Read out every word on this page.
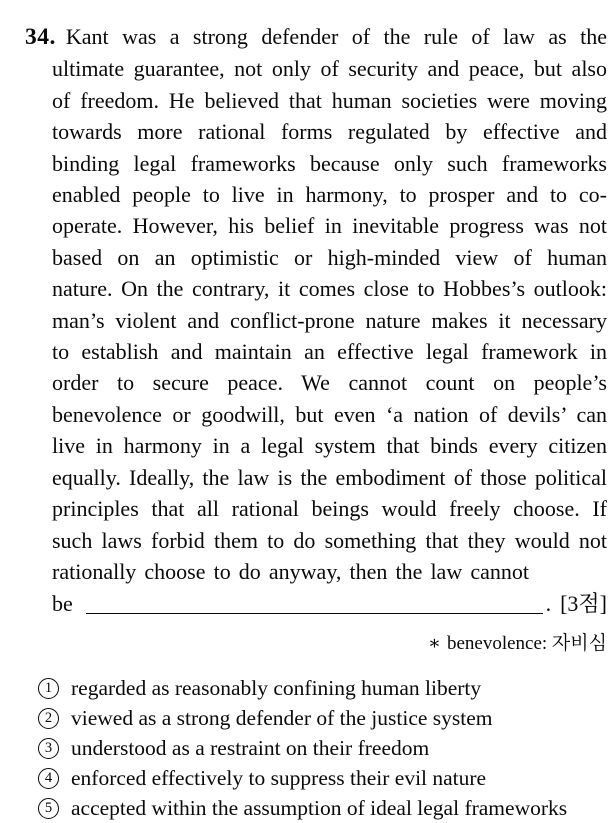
34. Kant was a strong defender of the rule of law as the ultimate guarantee, not only of security and peace, but also of freedom. He believed that human societies were moving towards more rational forms regulated by effective and binding legal frameworks because only such frameworks enabled people to live in harmony, to prosper and to co-operate. However, his belief in inevitable progress was not based on an optimistic or high-minded view of human nature. On the contrary, it comes close to Hobbes’s outlook: man’s violent and conflict-prone nature makes it necessary to establish and maintain an effective legal framework in order to secure peace. We cannot count on people’s benevolence or goodwill, but even ‘a nation of devils’ can live in harmony in a legal system that binds every citizen equally. Ideally, the law is the embodiment of those political principles that all rational beings would freely choose. If such laws forbid them to do something that they would not rationally choose to do anyway, then the law cannot

be	. [3점]
∗ benevolence: 자비심
1 regarded as reasonably confining human liberty
2 viewed as a strong defender of the justice system
3 understood as a restraint on their freedom
4 enforced effectively to suppress their evil nature
5 accepted within the assumption of ideal legal frameworks
